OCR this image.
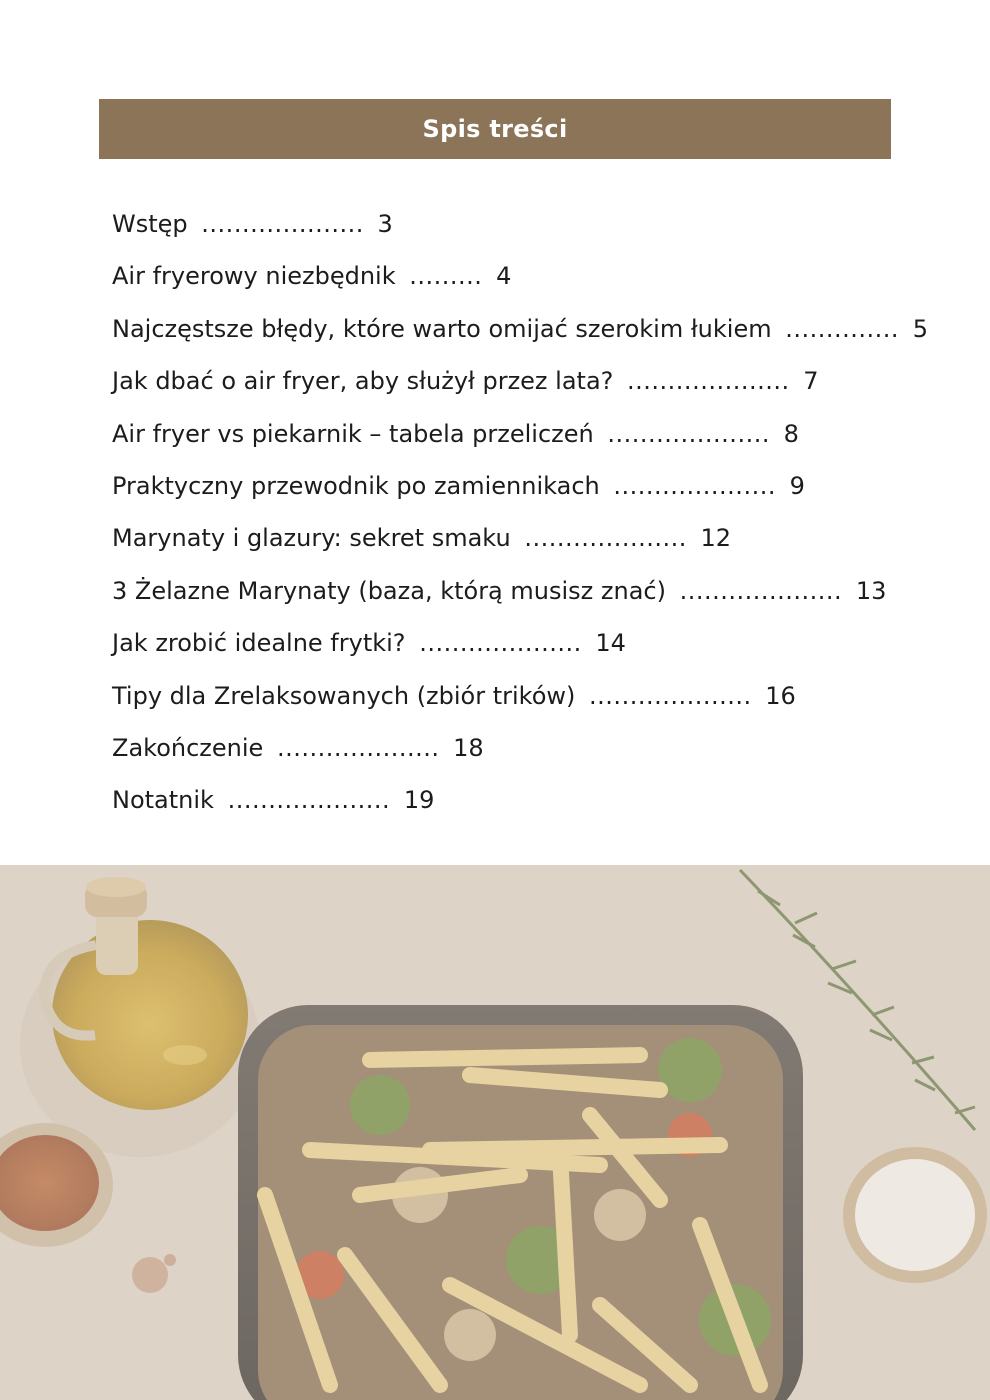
Spis treści
Wstęp .................... 3
Air fryerowy niezbędnik ......... 4
Najczęstsze błędy, które warto omijać szerokim łukiem .............. 5
Jak dbać o air fryer, aby służył przez lata? .................... 7
Air fryer vs piekarnik – tabela przeliczeń .................... 8
Praktyczny przewodnik po zamiennikach .................... 9
Marynaty i glazury: sekret smaku .................... 12
3 Żelazne Marynaty (baza, którą musisz znać) .................... 13
Jak zrobić idealne frytki? .................... 14
Tipy dla Zrelaksowanych (zbiór trików) .................... 16
Zakończenie .................... 18
Notatnik .................... 19
